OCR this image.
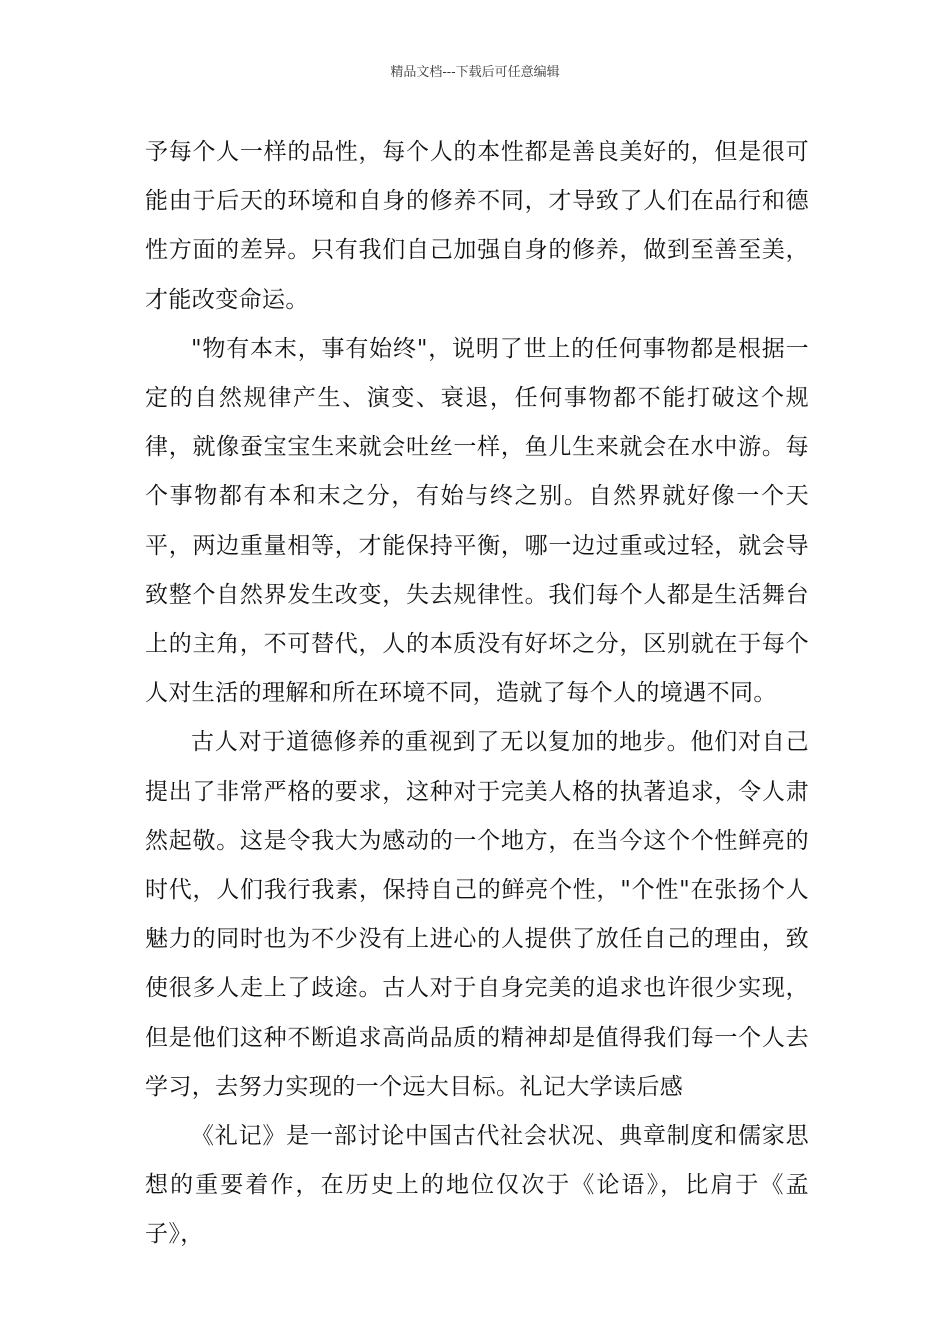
精品文档---下载后可任意编辑

予每个人一样的品性，每个人的本性都是善良美好的，但是很可能由于后天的环境和自身的修养不同，才导致了人们在品行和德性方面的差异。只有我们自己加强自身的修养，做到至善至美，才能改变命运。

"物有本末，事有始终"，说明了世上的任何事物都是根据一定的自然规律产生、演变、衰退，任何事物都不能打破这个规律，就像蚕宝宝生来就会吐丝一样，鱼儿生来就会在水中游。每个事物都有本和末之分，有始与终之别。自然界就好像一个天平，两边重量相等，才能保持平衡，哪一边过重或过轻，就会导致整个自然界发生改变，失去规律性。我们每个人都是生活舞台上的主角，不可替代，人的本质没有好坏之分，区别就在于每个人对生活的理解和所在环境不同，造就了每个人的境遇不同。

古人对于道德修养的重视到了无以复加的地步。他们对自己提出了非常严格的要求，这种对于完美人格的执著追求，令人肃然起敬。这是令我大为感动的一个地方，在当今这个个性鲜亮的时代，人们我行我素，保持自己的鲜亮个性，"个性"在张扬个人魅力的同时也为不少没有上进心的人提供了放任自己的理由，致使很多人走上了歧途。古人对于自身完美的追求也许很少实现，但是他们这种不断追求高尚品质的精神却是值得我们每一个人去学习，去努力实现的一个远大目标。礼记大学读后感

《礼记》是一部讨论中国古代社会状况、典章制度和儒家思想的重要着作，在历史上的地位仅次于《论语》，比肩于《孟子》，
